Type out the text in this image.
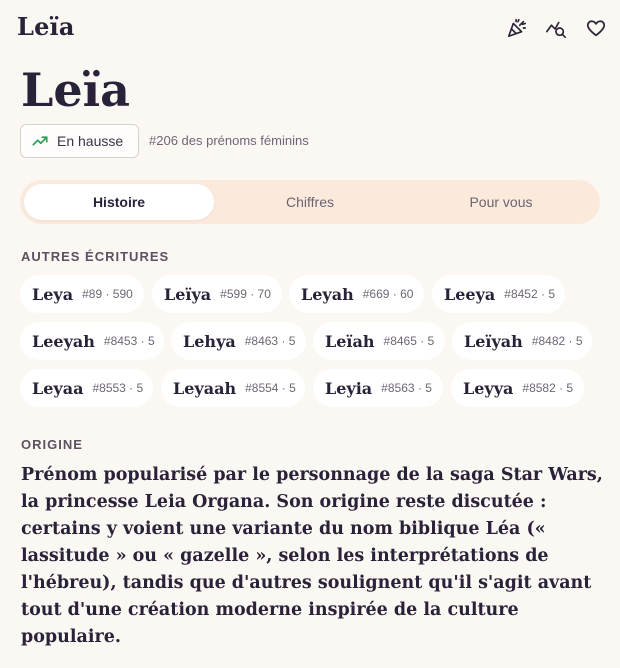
Leïa
Leïa
En hausse #206 des prénoms féminins
Histoire	Chiffres	Pour vous
AUTRES ÉCRITURES
Leya #89 · 590 Leïya #599 · 70 Leyah #669 · 60 Leeya #8452 · 5
Leeyah #8453 · 5 Lehya #8463 · 5 Leïah #8465 · 5 Leïyah #8482 · 5
Leyaa #8553 · 5 Leyaah #8554 · 5 Leyia #8563 · 5 Leyya #8582 · 5
ORIGINE

Prénom popularisé par le personnage de la saga Star Wars, la princesse Leia Organa. Son origine reste discutée : certains y voient une variante du nom biblique Léa (« lassitude » ou « gazelle », selon les interprétations de l'hébreu), tandis que d'autres soulignent qu'il s'agit avant tout d'une création moderne inspirée de la culture populaire.
